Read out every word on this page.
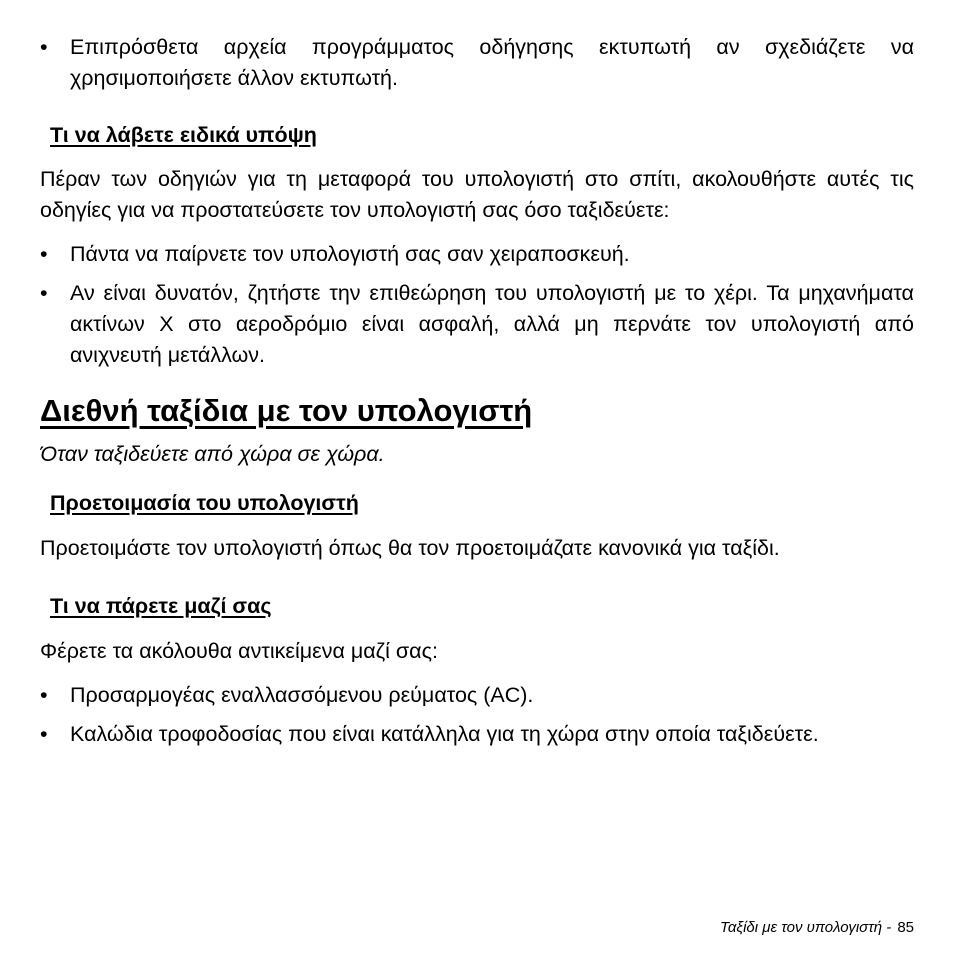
•	Επιπρόσθετα αρχεία προγράμματος οδήγησης εκτυπωτή αν σχεδιάζετε να χρησιμοποιήσετε άλλον εκτυπωτή.
Τι να λάβετε ειδικά υπόψη

Πέραν των οδηγιών για τη μεταφορά του υπολογιστή στο σπίτι, ακολουθήστε αυτές τις οδηγίες για να προστατεύσετε τον υπολογιστή σας όσο ταξιδεύετε:

•	Πάντα να παίρνετε τον υπολογιστή σας σαν χειραποσκευή.
•	Αν είναι δυνατόν, ζητήστε την επιθεώρηση του υπολογιστή με το χέρι. Τα μηχανήματα ακτίνων Χ στο αεροδρόμιο είναι ασφαλή, αλλά μη περνάτε τον υπολογιστή από ανιχνευτή μετάλλων.
Διεθνή ταξίδια με τον υπολογιστή

Όταν ταξιδεύετε από χώρα σε χώρα.

Προετοιμασία του υπολογιστή

Προετοιμάστε τον υπολογιστή όπως θα τον προετοιμάζατε κανονικά για ταξίδι.

Τι να πάρετε μαζί σας

Φέρετε τα ακόλουθα αντικείμενα μαζί σας:

•	Προσαρμογέας εναλλασσόμενου ρεύματος (AC).
•	Καλώδια τροφοδοσίας που είναι κατάλληλα για τη χώρα στην οποία ταξιδεύετε.
Ταξίδι με τον υπολογιστή - 85
